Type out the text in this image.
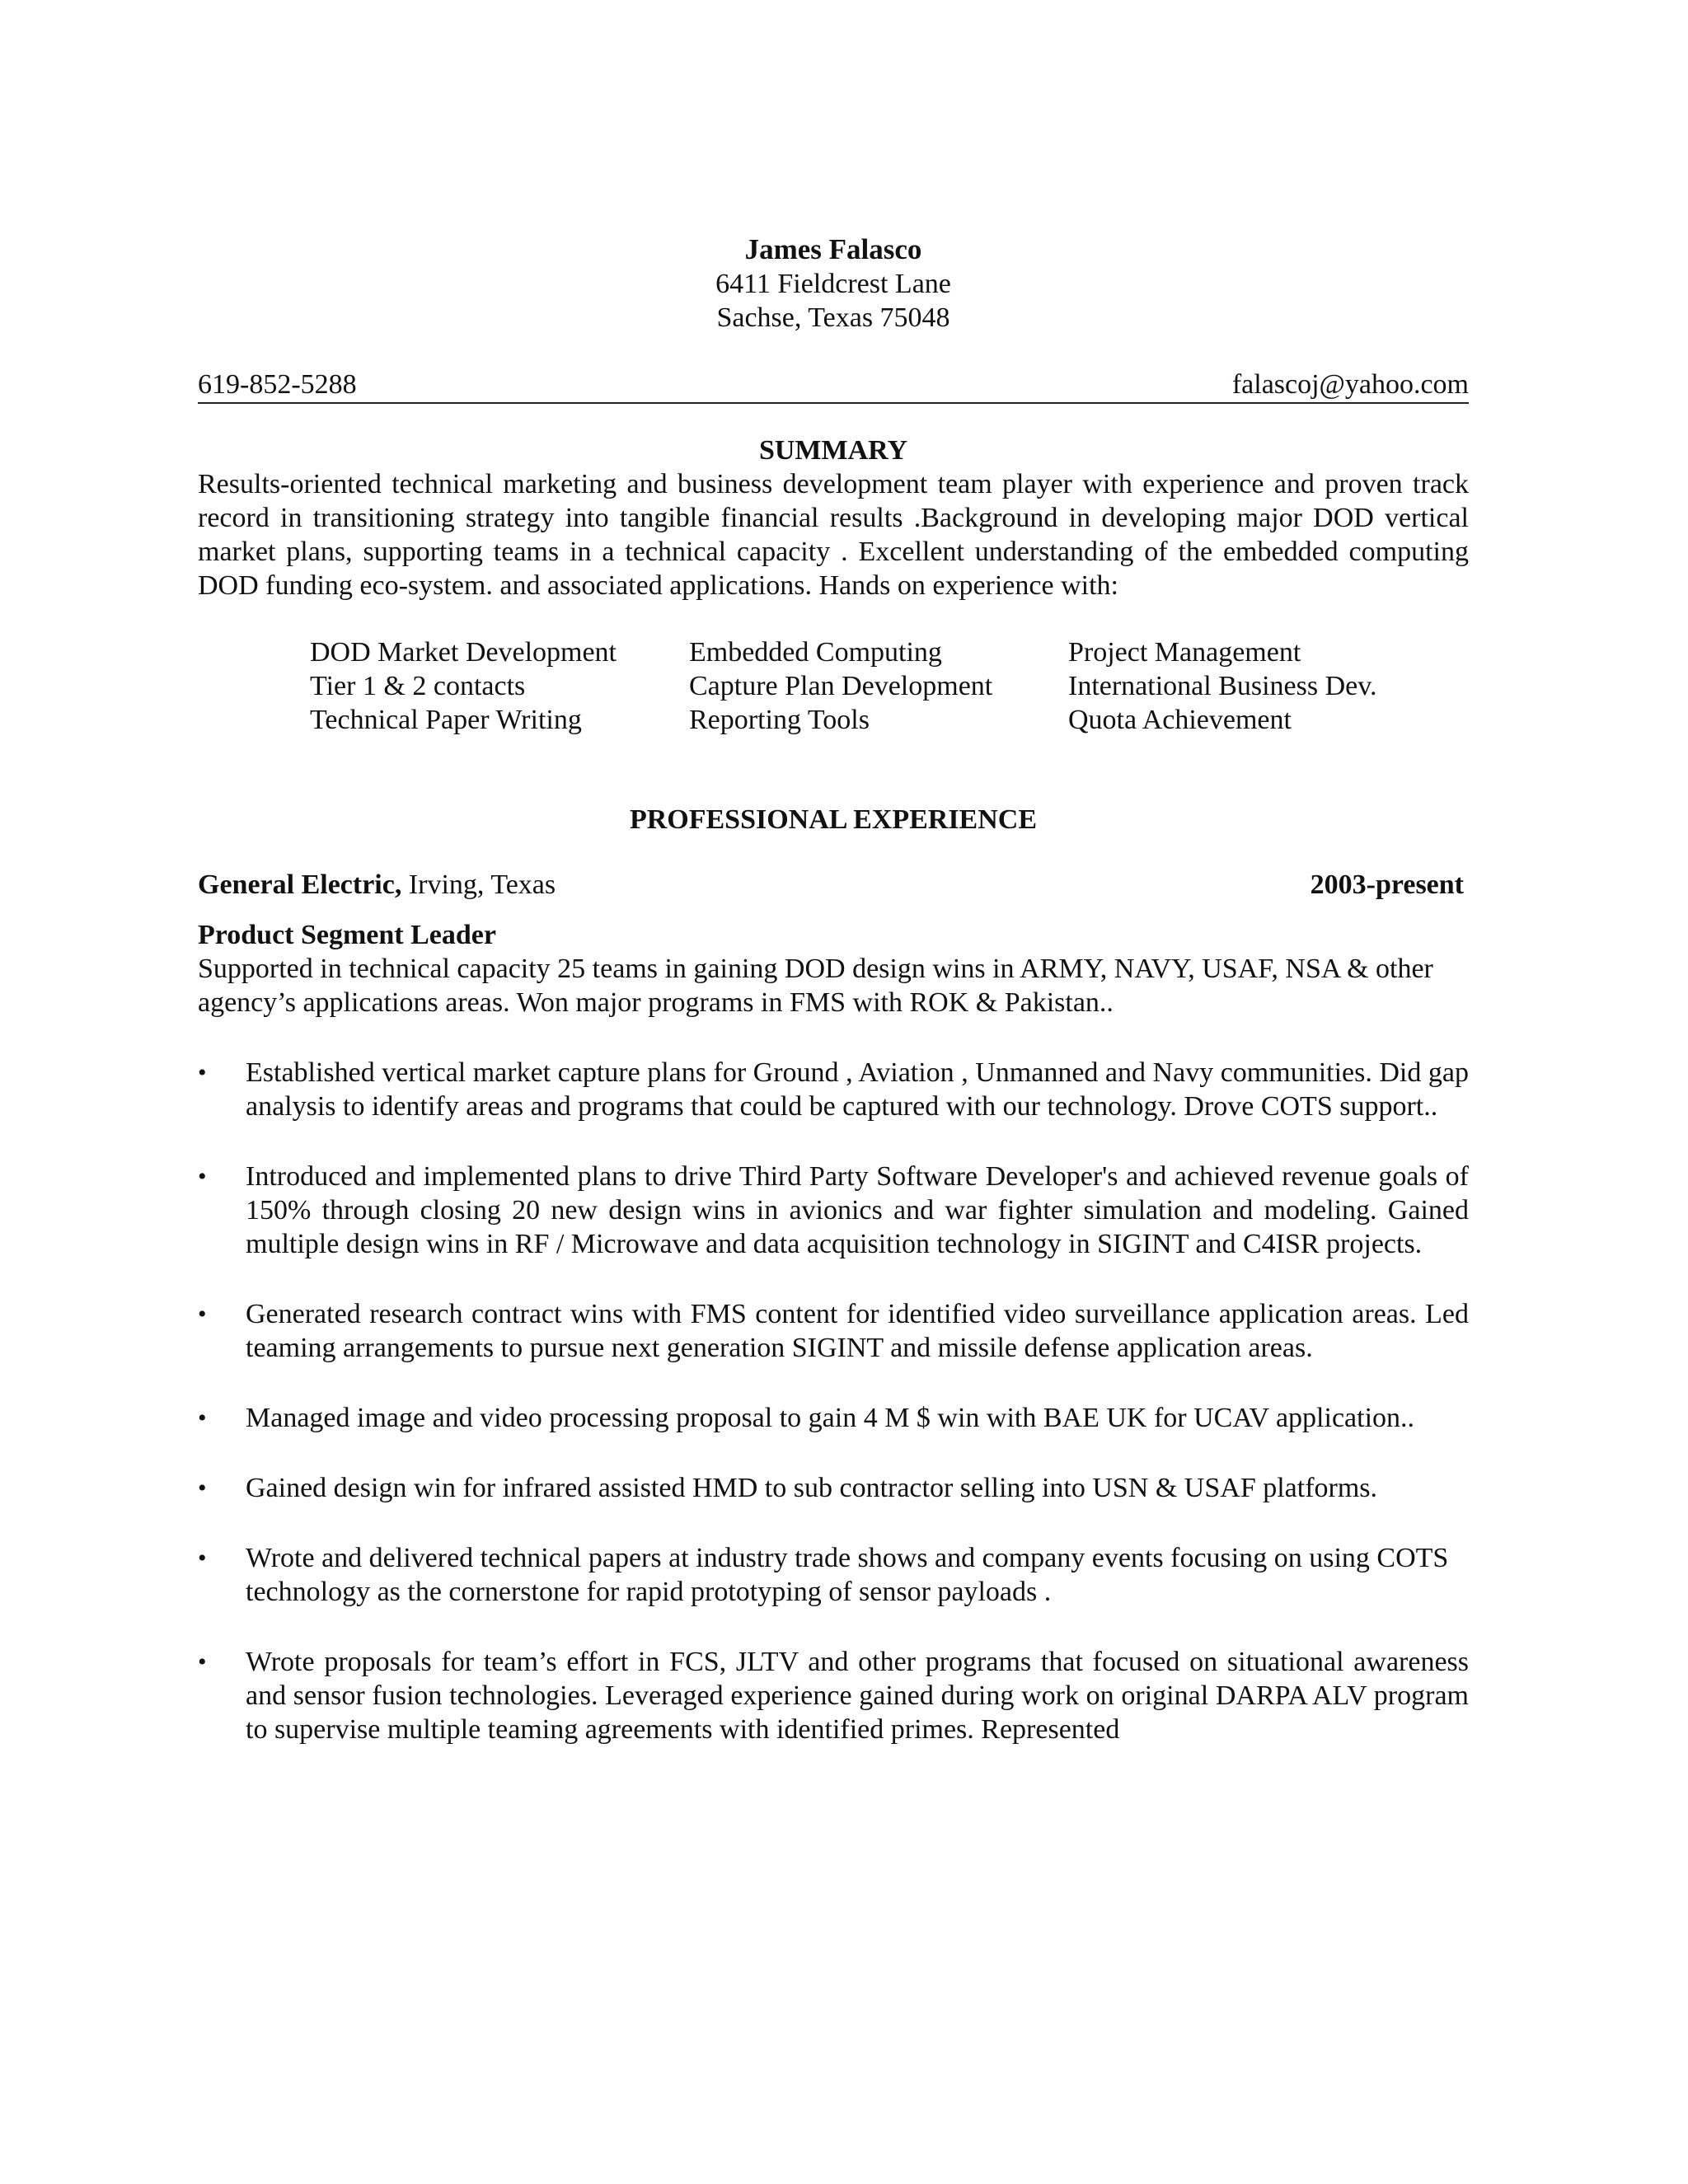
James Falasco
6411 Fieldcrest Lane
Sachse, Texas 75048
619-852-5288	falascoj@yahoo.com
SUMMARY
Results-oriented technical marketing and business development team player with experience and proven track record in transitioning strategy into tangible financial results .Background in developing major DOD vertical market plans, supporting teams in a technical capacity . Excellent understanding of the embedded computing DOD funding eco-system. and associated applications. Hands on experience with:
DOD Market Development	Embedded Computing	Project Management
Tier 1 & 2 contacts	Capture Plan Development	International Business Dev.
Technical Paper Writing	Reporting Tools	Quota Achievement
PROFESSIONAL EXPERIENCE
General Electric, Irving, Texas	2003-present
Product Segment Leader
Supported in technical capacity 25 teams in gaining DOD design wins in ARMY, NAVY, USAF, NSA & other agency’s applications areas. Won major programs in FMS with ROK & Pakistan..
• Established vertical market capture plans for Ground , Aviation , Unmanned and Navy communities. Did gap analysis to identify areas and programs that could be captured with our technology. Drove COTS support..
• Introduced and implemented plans to drive Third Party Software Developer's and achieved revenue goals of 150% through closing 20 new design wins in avionics and war fighter simulation and modeling. Gained multiple design wins in RF / Microwave and data acquisition technology in SIGINT and C4ISR projects.
• Generated research contract wins with FMS content for identified video surveillance application areas. Led teaming arrangements to pursue next generation SIGINT and missile defense application areas.
• Managed image and video processing proposal to gain 4 M $ win with BAE UK for UCAV application..
• Gained design win for infrared assisted HMD to sub contractor selling into USN & USAF platforms.
• Wrote and delivered technical papers at industry trade shows and company events focusing on using COTS
technology as the cornerstone for rapid prototyping of sensor payloads .
• Wrote proposals for team’s effort in FCS, JLTV and other programs that focused on situational awareness and sensor fusion technologies. Leveraged experience gained during work on original DARPA ALV program to supervise multiple teaming agreements with identified primes. Represented
